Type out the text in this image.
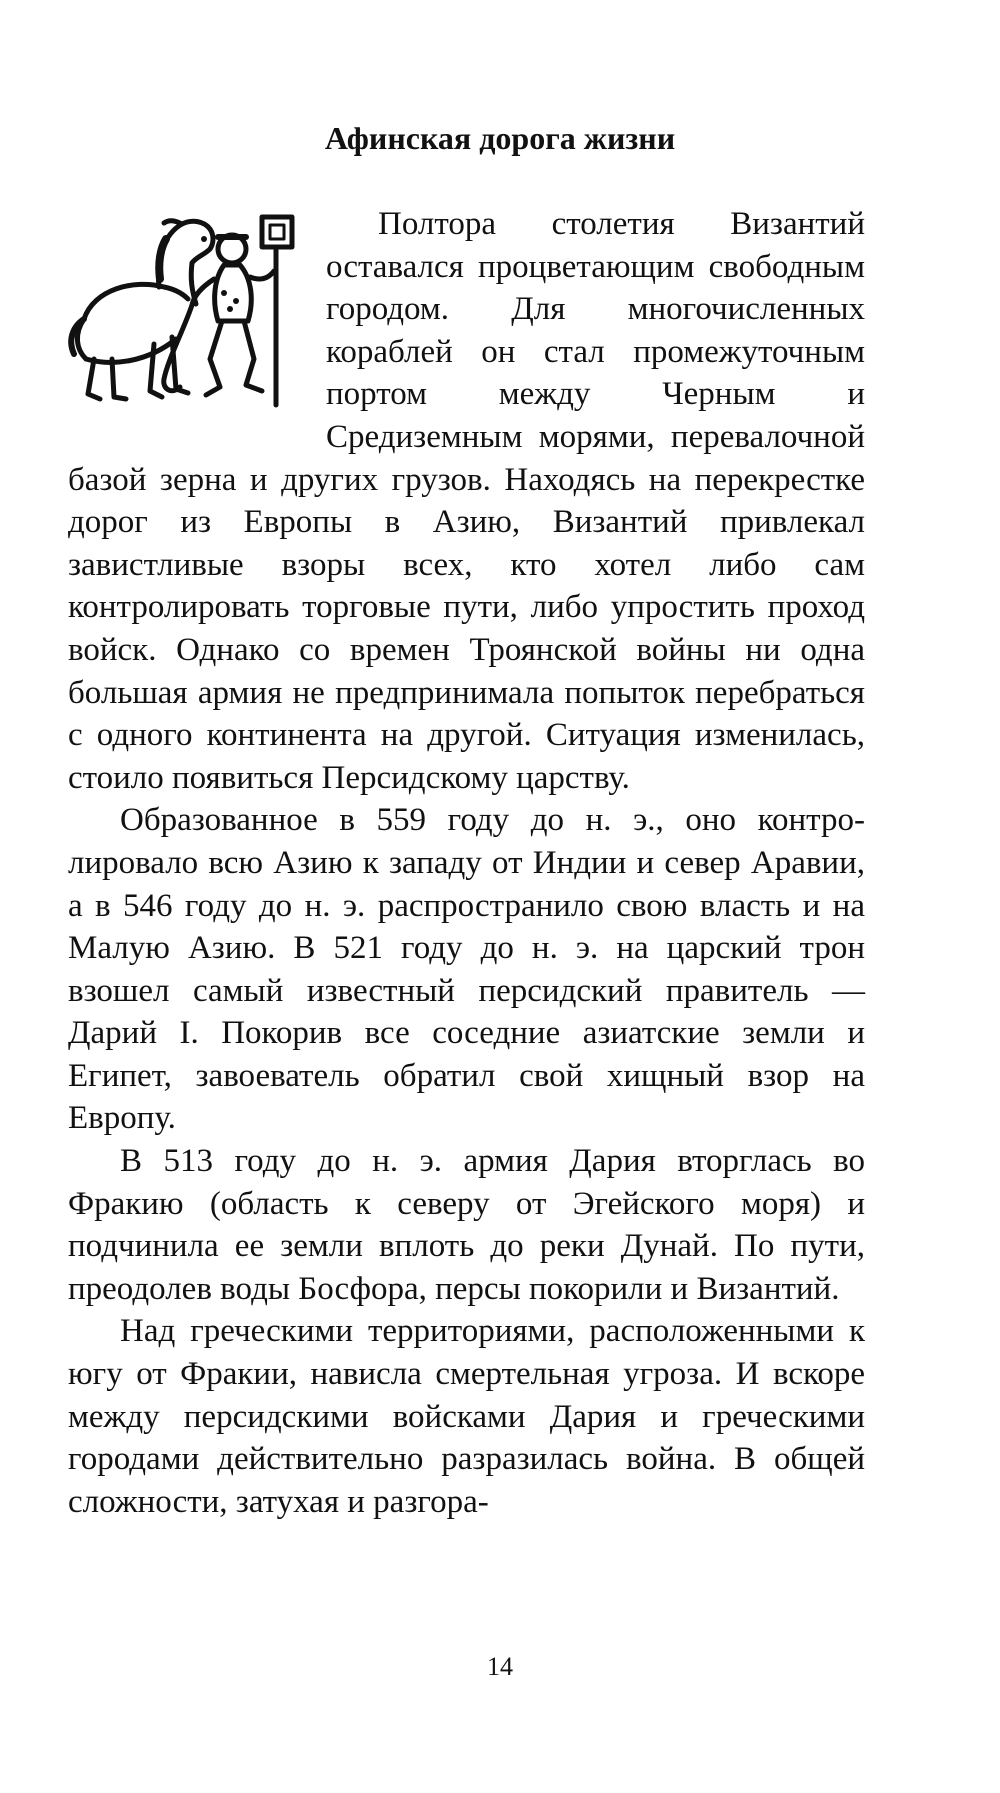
Афинская дорога жизни

Полтора столетия Византий оставался процветающим свободным городом. Для многочисленных кораблей он стал промежуточным портом между Черным и Средиземным морями, перевалочной базой зерна и других грузов. Находясь на перекрестке дорог из Европы в Азию, Византий привлекал завистливые взоры всех, кто хотел либо сам контролировать торговые пути, либо упростить проход войск. Однако со времен Троянской войны ни одна большая армия не предпринимала попыток перебраться с одного континента на другой. Ситуация изменилась, стоило появиться Персидскому царству.

Образованное в 559 году до н. э., оно контролировало всю Азию к западу от Индии и север Аравии, а в 546 году до н. э. распространило свою власть и на Малую Азию. В 521 году до н. э. на царский трон взошел самый известный персидский правитель — Дарий I. Покорив все соседние азиатские земли и Египет, завоеватель обратил свой хищный взор на Европу.

В 513 году до н. э. армия Дария вторглась во Фракию (область к северу от Эгейского моря) и подчинила ее земли вплоть до реки Дунай. По пути, преодолев воды Босфора, персы покорили и Византий.

Над греческими территориями, расположенными к югу от Фракии, нависла смертельная угроза. И вскоре между персидскими войсками Дария и греческими городами действительно разразилась война. В общей сложности, затухая и разгора-

14
